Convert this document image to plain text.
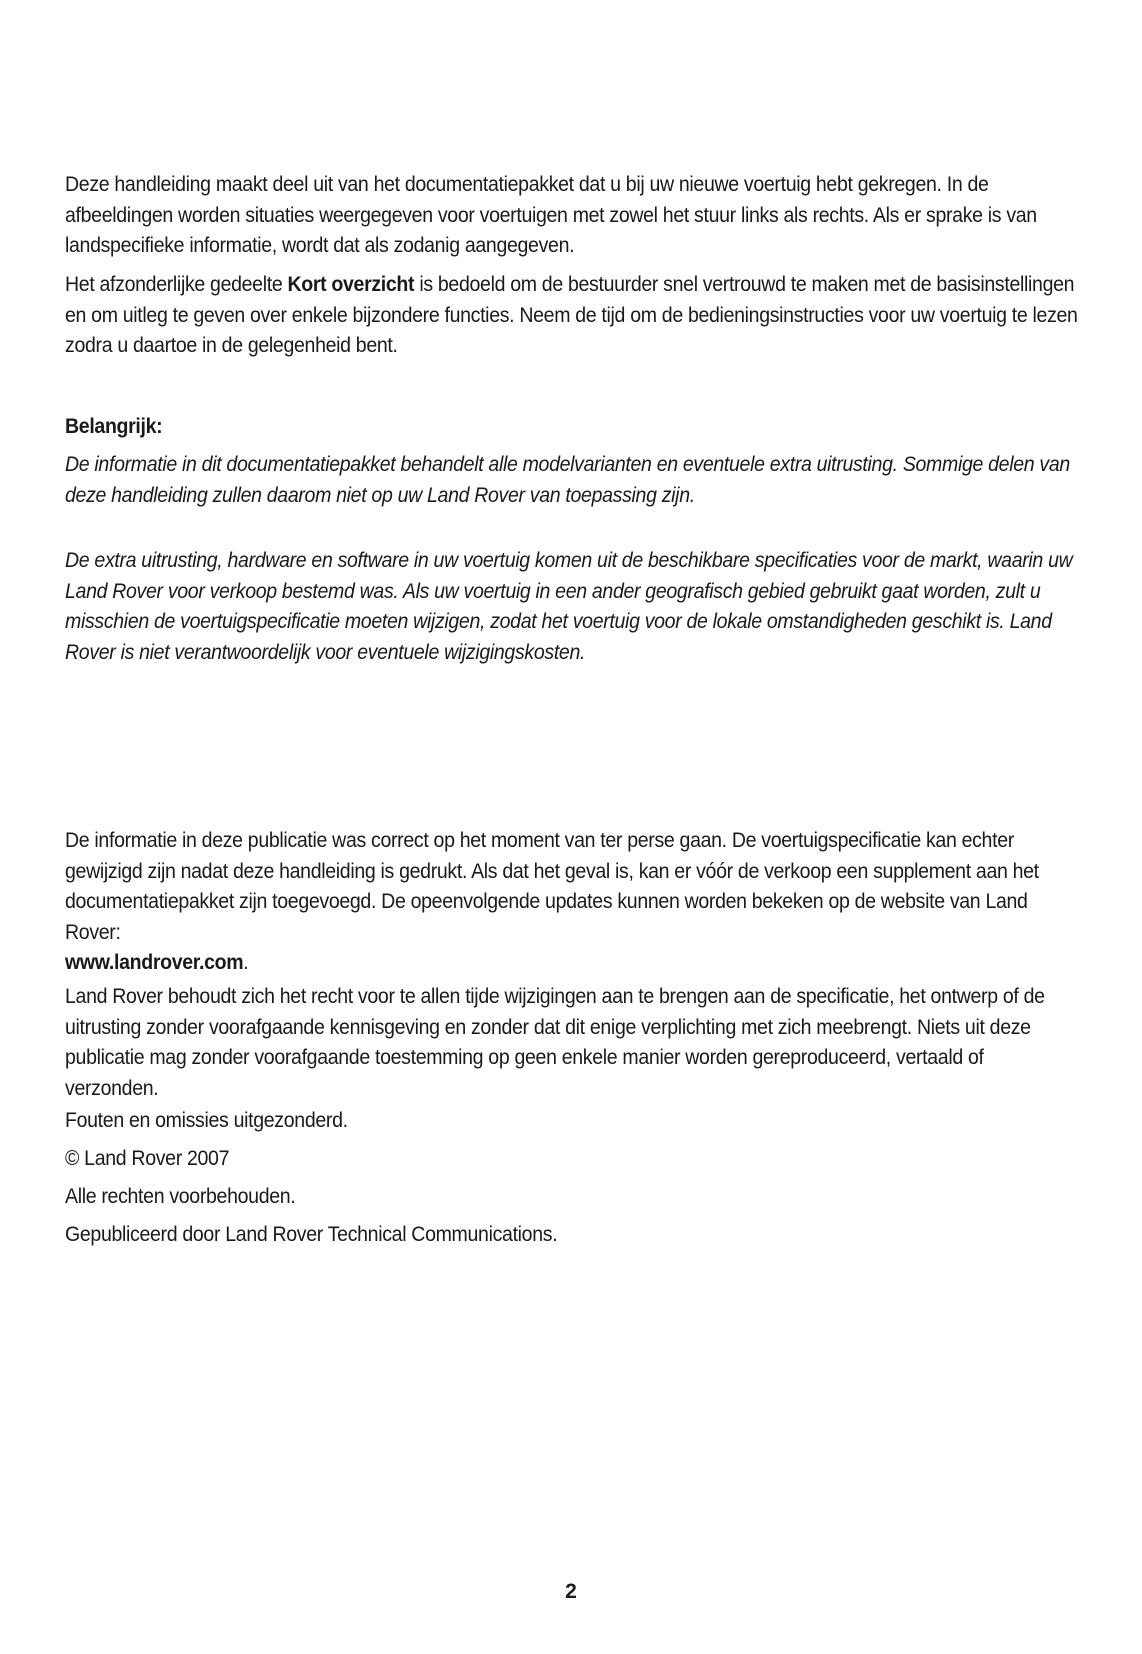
Deze handleiding maakt deel uit van het documentatiepakket dat u bij uw nieuwe voertuig hebt gekregen. In de afbeeldingen worden situaties weergegeven voor voertuigen met zowel het stuur links als rechts. Als er sprake is van landspecifieke informatie, wordt dat als zodanig aangegeven.

Het afzonderlijke gedeelte Kort overzicht is bedoeld om de bestuurder snel vertrouwd te maken met de basisinstellingen en om uitleg te geven over enkele bijzondere functies. Neem de tijd om de bedieningsinstructies voor uw voertuig te lezen zodra u daartoe in de gelegenheid bent.

Belangrijk:

De informatie in dit documentatiepakket behandelt alle modelvarianten en eventuele extra uitrusting. Sommige delen van deze handleiding zullen daarom niet op uw Land Rover van toepassing zijn.

De extra uitrusting, hardware en software in uw voertuig komen uit de beschikbare specificaties voor de markt, waarin uw Land Rover voor verkoop bestemd was. Als uw voertuig in een ander geografisch gebied gebruikt gaat worden, zult u misschien de voertuigspecificatie moeten wijzigen, zodat het voertuig voor de lokale omstandigheden geschikt is. Land Rover is niet verantwoordelijk voor eventuele wijzigingskosten.

De informatie in deze publicatie was correct op het moment van ter perse gaan. De voertuigspecificatie kan echter gewijzigd zijn nadat deze handleiding is gedrukt. Als dat het geval is, kan er vóór de verkoop een supplement aan het documentatiepakket zijn toegevoegd. De opeenvolgende updates kunnen worden bekeken op de website van Land Rover:
www.landrover.com.

Land Rover behoudt zich het recht voor te allen tijde wijzigingen aan te brengen aan de specificatie, het ontwerp of de uitrusting zonder voorafgaande kennisgeving en zonder dat dit enige verplichting met zich meebrengt. Niets uit deze publicatie mag zonder voorafgaande toestemming op geen enkele manier worden gereproduceerd, vertaald of verzonden.

Fouten en omissies uitgezonderd.

© Land Rover 2007

Alle rechten voorbehouden.

Gepubliceerd door Land Rover Technical Communications.

2
